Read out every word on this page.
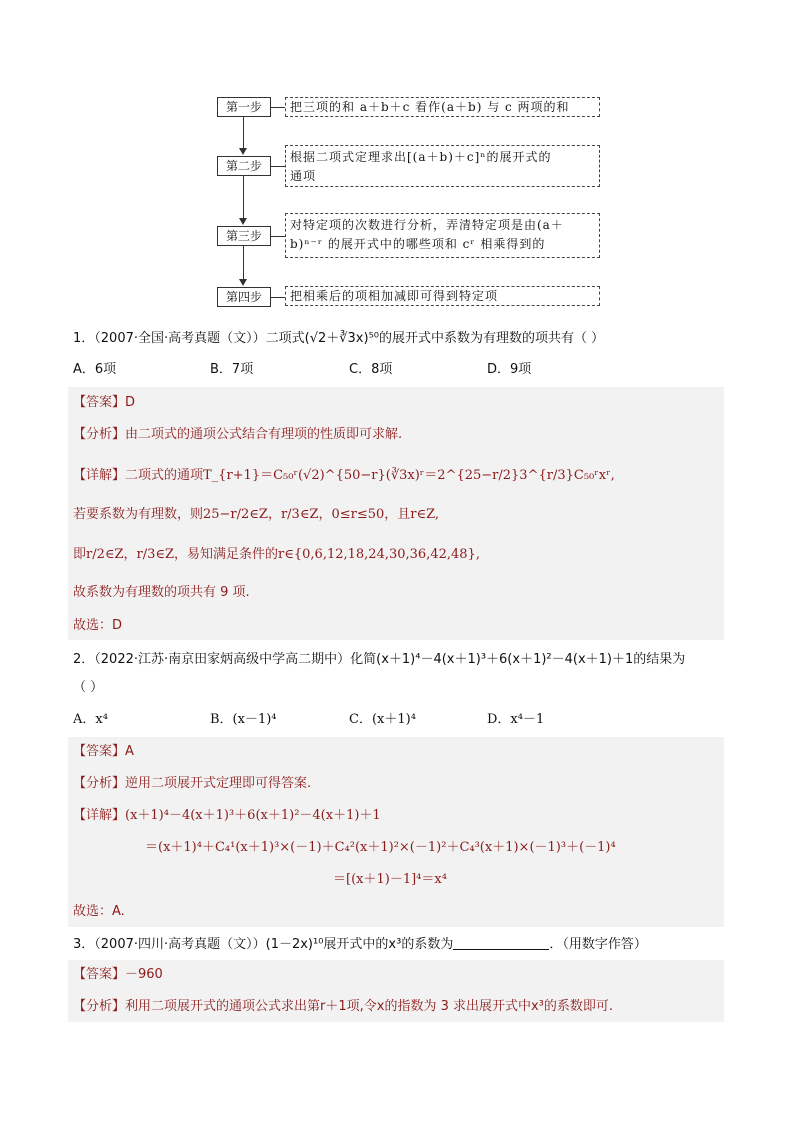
第一步
第二步
第三步
第四步
把三项的和 a＋b＋c 看作(a＋b) 与 c 两项的和
根据二项式定理求出[(a＋b)＋c]ⁿ的展开式的
通项
对特定项的次数进行分析，弄清特定项是由(a＋
b)ⁿ⁻ʳ 的展开式中的哪些项和 cʳ 相乘得到的
把相乘后的项相加减即可得到特定项
1．（2007·全国·高考真题（文））二项式(√2＋∛3x)⁵⁰的展开式中系数为有理数的项共有（ ）
A．6项	B．7项	C．8项	D．9项
【答案】D
【分析】由二项式的通项公式结合有理项的性质即可求解.
【详解】二项式的通项T_{r+1}＝C₅₀ʳ(√2)^{50−r}(∛3x)ʳ＝2^{25−r/2}3^{r/3}C₅₀ʳxʳ,
若要系数为有理数，则25−r/2∈Z，r/3∈Z，0≤r≤50，且r∈Z,
即r/2∈Z，r/3∈Z，易知满足条件的r∈{0,6,12,18,24,30,36,42,48},
故系数为有理数的项共有 9 项.
故选：D
2．（2022·江苏·南京田家炳高级中学高二期中）化简(x＋1)⁴－4(x＋1)³＋6(x＋1)²－4(x＋1)＋1的结果为
（ ）
A．x⁴	B．(x－1)⁴	C．(x＋1)⁴	D．x⁴－1
【答案】A
【分析】逆用二项展开式定理即可得答案.
【详解】(x＋1)⁴－4(x＋1)³＋6(x＋1)²－4(x＋1)＋1
＝(x＋1)⁴＋C₄¹(x＋1)³×(－1)＋C₄²(x＋1)²×(－1)²＋C₄³(x＋1)×(－1)³＋(－1)⁴
＝[(x＋1)－1]⁴＝x⁴
故选：A.
3．（2007·四川·高考真题（文））(1－2x)¹⁰展开式中的x³的系数为	．（用数字作答）
【答案】－960
【分析】利用二项展开式的通项公式求出第r＋1项,令x的指数为 3 求出展开式中x³的系数即可.
